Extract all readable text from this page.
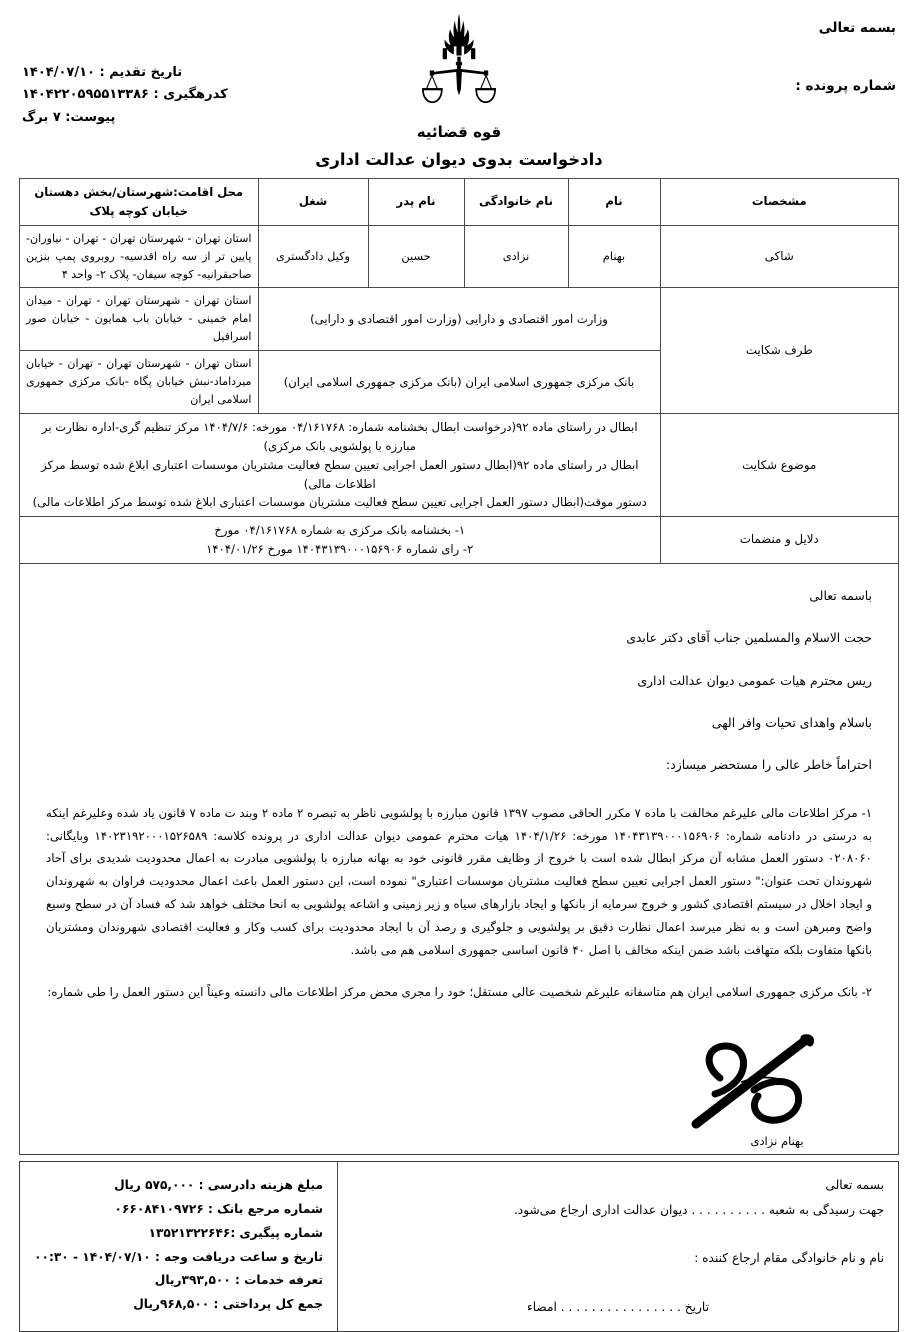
بسمه تعالی
شماره پرونده :
قوه قضائیه
دادخواست بدوی دیوان عدالت اداری
تاریخ تقدیم : ۱۴۰۴/۰۷/۱۰
کدرهگیری : ۱۴۰۴۲۲۰۵۹۵۵۱۳۳۸۶
پیوست: ۷ برگ
مشخصات	نام	نام خانوادگی	نام پدر	شغل	محل اقامت:شهرستان/بخش دهستان خیابان کوچه پلاک
شاکی	بهنام	نزادی	حسین	وکیل دادگستری	استان تهران - شهرستان تهران - تهران - نیاوران- پایین تر از سه راه اقدسیه- روبروی پمپ بنزین صاحبقرانیه- کوچه سیفان- پلاک ۲- واحد ۴
طرف شکایت	وزارت امور اقتصادی و دارایی (وزارت امور اقتصادی و دارایی)				استان تهران - شهرستان تهران - تهران - میدان امام خمینی - خیابان باب همایون - خیابان صور اسرافیل
	بانک مرکزی جمهوری اسلامی ایران (بانک مرکزی جمهوری اسلامی ایران)				استان تهران - شهرستان تهران - تهران - خیابان میرداماد-نبش خیابان پگاه -بانک مرکزی جمهوری اسلامی ایران
موضوع شکایت	ابطال در راستای ماده ۹۲(درخواست ابطال بخشنامه شماره: ۰۴/۱۶۱۷۶۸ مورخه: ۱۴۰۴/۷/۶ مرکز تنظیم گری-اداره نظارت بر مبارزه با پولشویی بانک مرکزی)
ابطال در راستای ماده ۹۲(ابطال دستور العمل اجرایی تعیین سطح فعالیت مشتریان موسسات اعتباری ابلاغ شده توسط مرکز اطلاعات مالی)
دستور موقت(ابطال دستور العمل اجرایی تعیین سطح فعالیت مشتریان موسسات اعتباری ابلاغ شده توسط مرکز اطلاعات مالی)				

دلایل و منضمات	۱- بخشنامه بانک مرکزی به شماره ۰۴/۱۶۱۷۶۸ مورخ
۲- رای شماره ۱۴۰۴۳۱۳۹۰۰۰۱۵۶۹۰۶ مورخ ۱۴۰۴/۰۱/۲۶				
باسمه تعالی
حجت الاسلام والمسلمین جناب آقای دکتر عابدی
ریس محترم هیات عمومی دیوان عدالت اداری
باسلام واهدای تحیات وافر الهی
احتراماً خاطر عالی را مستحضر میسازد:

۱- مرکز اطلاعات مالی علیرغم مخالفت با ماده ۷ مکرر الحاقی مصوب ۱۳۹۷ قانون مبارزه با پولشویی ناظر به تبصره ۲ ماده ۲ وبند ت ماده ۷ قانون یاد شده وعلیرغم اینکه به درستی در دادنامه شماره: ۱۴۰۴۳۱۳۹۰۰۰۱۵۶۹۰۶ مورخه: ۱۴۰۴/۱/۲۶ هیات محترم عمومی دیوان عدالت اداری در پرونده کلاسه: ۱۴۰۲۳۱۹۲۰۰۰۱۵۲۶۵۸۹ وبایگانی: ۰۲۰۸۰۶۰ دستور العمل مشابه آن مرکز ابطال شده است با خروج از وظایف مقرر قانونی خود به بهانه مبارزه با پولشویی مبادرت به اعمال محدودیت شدیدی برای آحاد شهروندان تحت عنوان:" دستور العمل اجرایی تعیین سطح فعالیت مشتریان موسسات اعتباری" نموده است، این دستور العمل باعث اعمال محدودیت فراوان به شهروندان و ایجاد اخلال در سیستم اقتصادی کشور و خروج سرمایه از بانکها و ایجاد بازارهای سیاه و زیر زمینی و اشاعه پولشویی به انحا مختلف خواهد شد که فساد آن در سطح وسیع واضح ومبرهن است و به نظر میرسد اعمال نظارت دقیق بر پولشویی و جلوگیری و رصد آن با ایجاد محدودیت برای کسب وکار و فعالیت اقتصادی شهروندان ومشتریان بانکها متفاوت بلکه متهافت باشد ضمن اینکه مخالف با اصل ۴۰ قانون اساسی جمهوری اسلامی هم می باشد.

۲- بانک مرکزی جمهوری اسلامی ایران هم متاسفانه علیرغم شخصیت عالی مستقل؛ خود را مجری محض مرکز اطلاعات مالی دانسته وعیناً این دستور العمل را طی شماره:

بهنام نزادی
مبلغ هزینه دادرسی : ۵۷۵,۰۰۰ ریال
شماره مرجع بانک : ۰۶۶۰۸۴۱۰۹۷۲۶
شماره پیگیری :۱۳۵۲۱۳۲۲۶۴۶
تاریخ و ساعت دریافت وجه : ۱۴۰۴/۰۷/۱۰ - ۰۰:۳۰
تعرفه خدمات : ۳۹۳,۵۰۰ریال
جمع کل پرداختی : ۹۶۸,۵۰۰ریال
بسمه تعالی
جهت رسیدگی به شعبه . . . . . . . . . . دیوان عدالت اداری ارجاع می‌شود.
نام و نام خانوادگی مقام ارجاع کننده :
تاریخ . . . . . . . . . . . . . . . . امضاء
